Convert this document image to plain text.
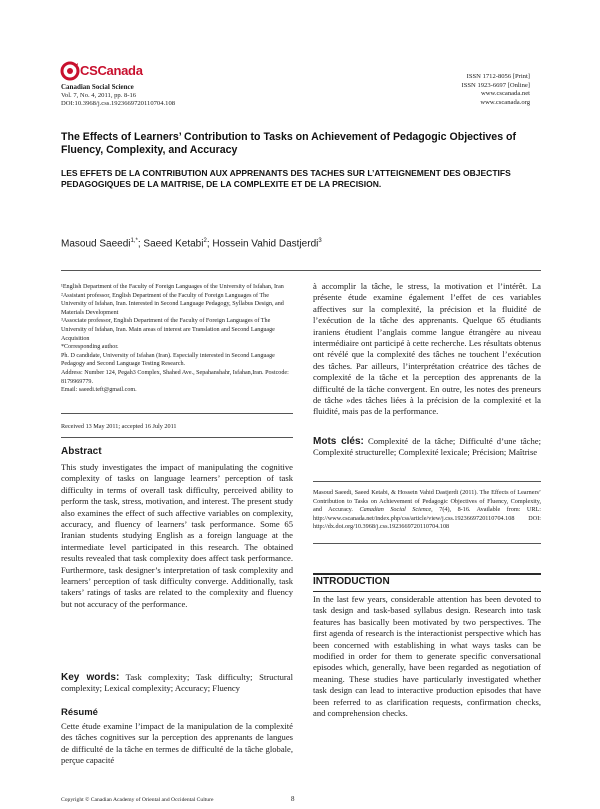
CSCanada
Canadian Social Science
Vol. 7, No. 4, 2011, pp. 8-16
DOI:10.3968/j.css.1923669720110704.108
ISSN 1712-8056 [Print]
ISSN 1923-6697 [Online]
www.cscanada.net
www.cscanada.org
The Effects of Learners’ Contribution to Tasks on Achievement of Pedagogic Objectives of Fluency, Complexity, and Accuracy
LES EFFETS DE LA CONTRIBUTION AUX APPRENANTS DES TACHES SUR L’ATTEIGNEMENT DES OBJECTIFS PEDAGOGIQUES DE LA MAITRISE, DE LA COMPLEXITE ET DE LA PRECISION.
Masoud Saeedi$^{1,*}$; Saeed Ketabi$^2$; Hossein Vahid Dastjerdi$^3$

¹English Department of the Faculty of Foreign Languages of the University of Isfahan, Iran

²Assistant professor, English Department of the Faculty of Foreign Languages of The University of Isfahan, Iran. Interested in Second Language Pedagogy, Syllabus Design, and Materials Development

³Associate professor, English Department of the Faculty of Foreign Languages of The University of Isfahan, Iran. Main areas of interest are Translation and Second Language Acquisition

*Corresponding author.

Ph. D candidate, University of Isfahan (Iran). Especially interested in Second Language Pedagogy and Second Language Testing Research.

Address: Number 124, Pegah3 Complex, Shahed Ave., Sepahanshahr, Isfahan,Iran. Postcode: 8179969779.

Email: saeedi.teft@gmail.com.

Received 13 May 2011; accepted 16 July 2011
Abstract

This study investigates the impact of manipulating the cognitive complexity of tasks on language learners’ perception of task difficulty in terms of overall task difficulty, perceived ability to perform the task, stress, motivation, and interest. The present study also examines the effect of such affective variables on complexity, accuracy, and fluency of learners’ task performance. Some 65 Iranian students studying English as a foreign language at the intermediate level participated in this research. The obtained results revealed that task complexity does affect task performance. Furthermore, task designer’s interpretation of task complexity and learners’ perception of task difficulty converge. Additionally, task takers’ ratings of tasks are related to the complexity and fluency but not accuracy of the performance.

Key words: Task complexity; Task difficulty; Structural complexity; Lexical complexity; Accuracy; Fluency
Résumé

Cette étude examine l’impact de la manipulation de la complexité des tâches cognitives sur la perception des apprenants de langues de difficulté de la tâche en termes de difficulté de la tâche globale, perçue capacité

à accomplir la tâche, le stress, la motivation et l’intérêt. La présente étude examine également l’effet de ces variables affectives sur la complexité, la précision et la fluidité de l’exécution de la tâche des apprenants. Quelque 65 étudiants iraniens étudient l’anglais comme langue étrangère au niveau intermédiaire ont participé à cette recherche. Les résultats obtenus ont révélé que la complexité des tâches ne touchent l’exécution des tâches. Par ailleurs, l’interprétation créatrice des tâches de complexité de la tâche et la perception des apprenants de la difficulté de la tâche convergent. En outre, les notes des preneurs de tâche »des tâches liées à la précision de la complexité et la fluidité, mais pas de la performance.

Mots clés: Complexité de la tâche; Difficulté d’une tâche; Complexité structurelle; Complexité lexicale; Précision; Maîtrise
Masoud Saeedi, Saeed Ketabi, & Hossein Vahid Dastjerdi (2011). The Effects of Learners’ Contribution to Tasks on Achievement of Pedagogic Objectives of Fluency, Complexity, and Accuracy. Canadian Social Science, 7(4), 8-16. Available from: URL: http://www.cscanada.net/index.php/css/article/view/j.css.1923669720110704.108 DOI: http://dx.doi.org/10.3968/j.css.1923669720110704.108
INTRODUCTION

In the last few years, considerable attention has been devoted to task design and task-based syllabus design. Research into task features has basically been motivated by two perspectives. The first agenda of research is the interactionist perspective which has been concerned with establishing in what ways tasks can be modified in order for them to generate specific conversational episodes which, generally, have been regarded as negotiation of meaning. These studies have particularly investigated whether task design can lead to interactive production episodes that have been referred to as clarification requests, confirmation checks, and comprehension checks.

Copyright © Canadian Academy of Oriental and Occidental Culture	8
